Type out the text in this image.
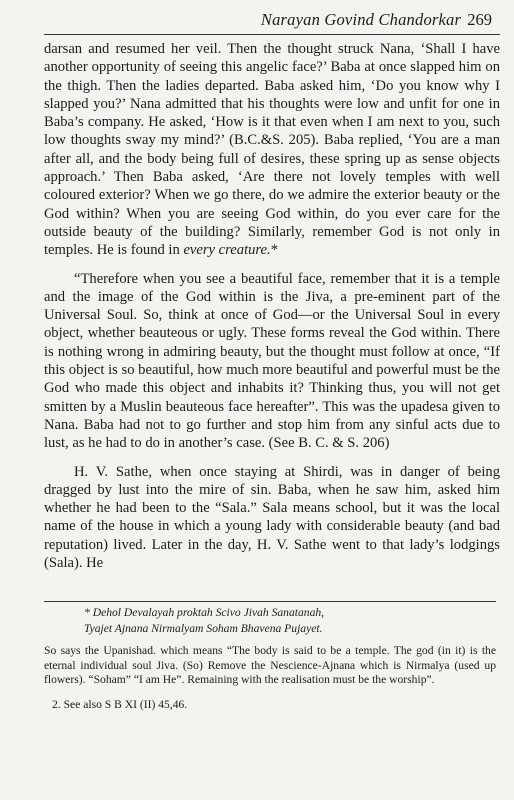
Narayan Govind Chandorkar 269

darsan and resumed her veil. Then the thought struck Nana, ‘Shall I have another opportunity of seeing this angelic face?’ Baba at once slapped him on the thigh. Then the ladies departed. Baba asked him, ‘Do you know why I slapped you?’ Nana admitted that his thoughts were low and unfit for one in Baba’s company. He asked, ‘How is it that even when I am next to you, such low thoughts sway my mind?’ (B.C.&S. 205). Baba replied, ‘You are a man after all, and the body being full of desires, these spring up as sense objects approach.’ Then Baba asked, ‘Are there not lovely temples with well coloured exterior? When we go there, do we admire the exterior beauty or the God within? When you are seeing God within, do you ever care for the outside beauty of the building? Similarly, remember God is not only in temples. He is found in every creature.*

“Therefore when you see a beautiful face, remember that it is a temple and the image of the God within is the Jiva, a pre-eminent part of the Universal Soul. So, think at once of God—or the Universal Soul in every object, whether beauteous or ugly. These forms reveal the God within. There is nothing wrong in admiring beauty, but the thought must follow at once, “If this object is so beautiful, how much more beautiful and powerful must be the God who made this object and inhabits it? Thinking thus, you will not get smitten by a Muslin beauteous face hereafter”. This was the upadesa given to Nana. Baba had not to go further and stop him from any sinful acts due to lust, as he had to do in another’s case. (See B. C. & S. 206)

H. V. Sathe, when once staying at Shirdi, was in danger of being dragged by lust into the mire of sin. Baba, when he saw him, asked him whether he had been to the “Sala.” Sala means school, but it was the local name of the house in which a young lady with considerable beauty (and bad reputation) lived. Later in the day, H. V. Sathe went to that lady’s lodgings (Sala). He

* Dehol Devalayah proktah Scivo Jivah Sanatanah,
Tyajet Ajnana Nirmalyam Soham Bhavena Pujayet.
So says the Upanishad. which means “The body is said to be a temple. The god (in it) is the eternal individual soul Jiva. (So) Remove the Nescience-Ajnana which is Nirmalya (used up flowers). “Soham” “I am He”. Remaining with the realisation must be the worship”.
2. See also S B XI (II) 45,46.
